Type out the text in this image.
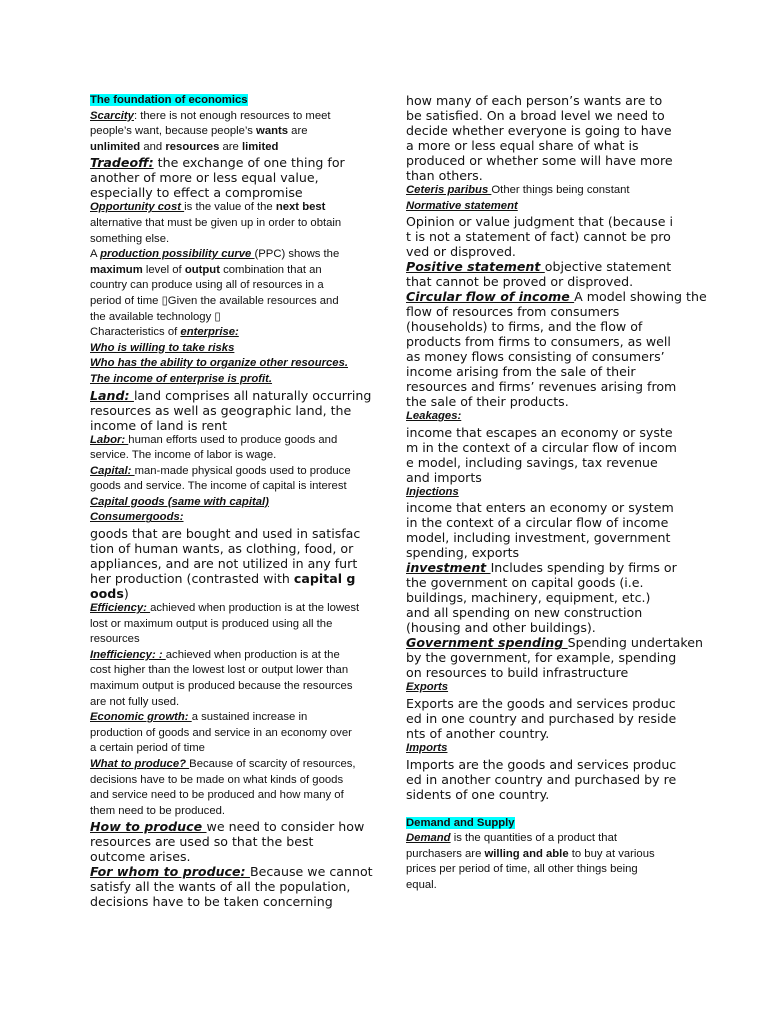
The foundation of economics
Scarcity: there is not enough resources to meet
people’s want, because people’s wants are
unlimited and resources are limited
Tradeoff: the exchange of one thing for
another of more or less equal value,
especially to effect a compromise
Opportunity cost is the value of the next best
alternative that must be given up in order to obtain
something else.
A production possibility curve (PPC) shows the
maximum level of output combination that an
country can produce using all of resources in a
period of time ▯Given the available resources and
the available technology ▯
Characteristics of enterprise:
Who is willing to take risks
Who has the ability to organize other resources.
The income of enterprise is profit.
Land: land comprises all naturally occurring
resources as well as geographic land, the
income of land is rent
Labor: human efforts used to produce goods and
service. The income of labor is wage.
Capital: man-made physical goods used to produce
goods and service. The income of capital is interest
Capital goods (same with capital)
Consumergoods:
goods that are bought and used in satisfac
tion of human wants, as clothing, food, or
appliances, and are not utilized in any furt
her production (contrasted with capital g
oods)
Efficiency: achieved when production is at the lowest
lost or maximum output is produced using all the
resources
Inefficiency: : achieved when production is at the
cost higher than the lowest lost or output lower than
maximum output is produced because the resources
are not fully used.
Economic growth: a sustained increase in
production of goods and service in an economy over
a certain period of time
What to produce? Because of scarcity of resources,
decisions have to be made on what kinds of goods
and service need to be produced and how many of
them need to be produced.
How to produce we need to consider how
resources are used so that the best
outcome arises.
For whom to produce: Because we cannot
satisfy all the wants of all the population,
decisions have to be taken concerning
how many of each person’s wants are to
be satisfied. On a broad level we need to
decide whether everyone is going to have
a more or less equal share of what is
produced or whether some will have more
than others.
Ceteris paribus Other things being constant
Normative statement
Opinion or value judgment that (because i
t is not a statement of fact) cannot be pro
ved or disproved.
Positive statement objective statement
that cannot be proved or disproved.
Circular flow of income A model showing the
flow of resources from consumers
(households) to firms, and the flow of
products from firms to consumers, as well
as money flows consisting of consumers’
income arising from the sale of their
resources and firms’ revenues arising from
the sale of their products.
Leakages:
income that escapes an economy or syste
m in the context of a circular flow of incom
e model, including savings, tax revenue
and imports
Injections
income that enters an economy or system
in the context of a circular flow of income
model, including investment, government
spending, exports
investment Includes spending by firms or
the government on capital goods (i.e.
buildings, machinery, equipment, etc.)
and all spending on new construction
(housing and other buildings).
Government spending Spending undertaken
by the government, for example, spending
on resources to build infrastructure
Exports
Exports are the goods and services produc
ed in one country and purchased by reside
nts of another country.
Imports
Imports are the goods and services produc
ed in another country and purchased by re
sidents of one country.
Demand and Supply
Demand is the quantities of a product that
purchasers are willing and able to buy at various
prices per period of time, all other things being
equal.
